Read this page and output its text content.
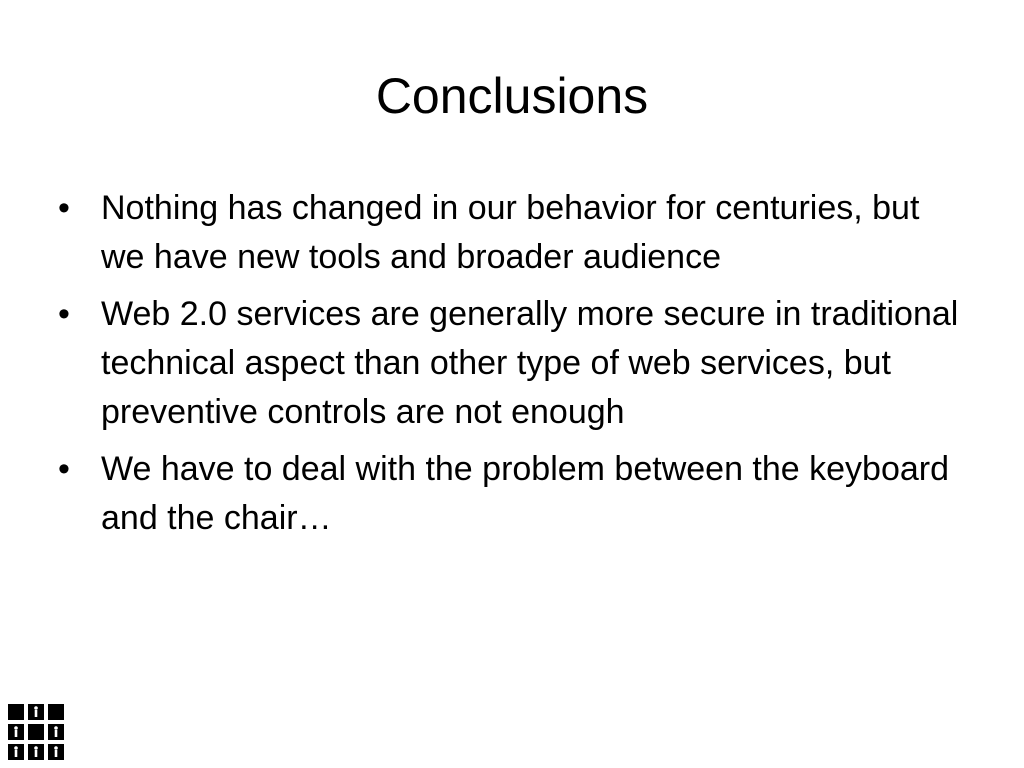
Conclusions
• Nothing has changed in our behavior for centuries, but we have new tools and broader audience
• Web 2.0 services are generally more secure in traditional technical aspect than other type of web services, but preventive controls are not enough
• We have to deal with the problem between the keyboard and the chair…
